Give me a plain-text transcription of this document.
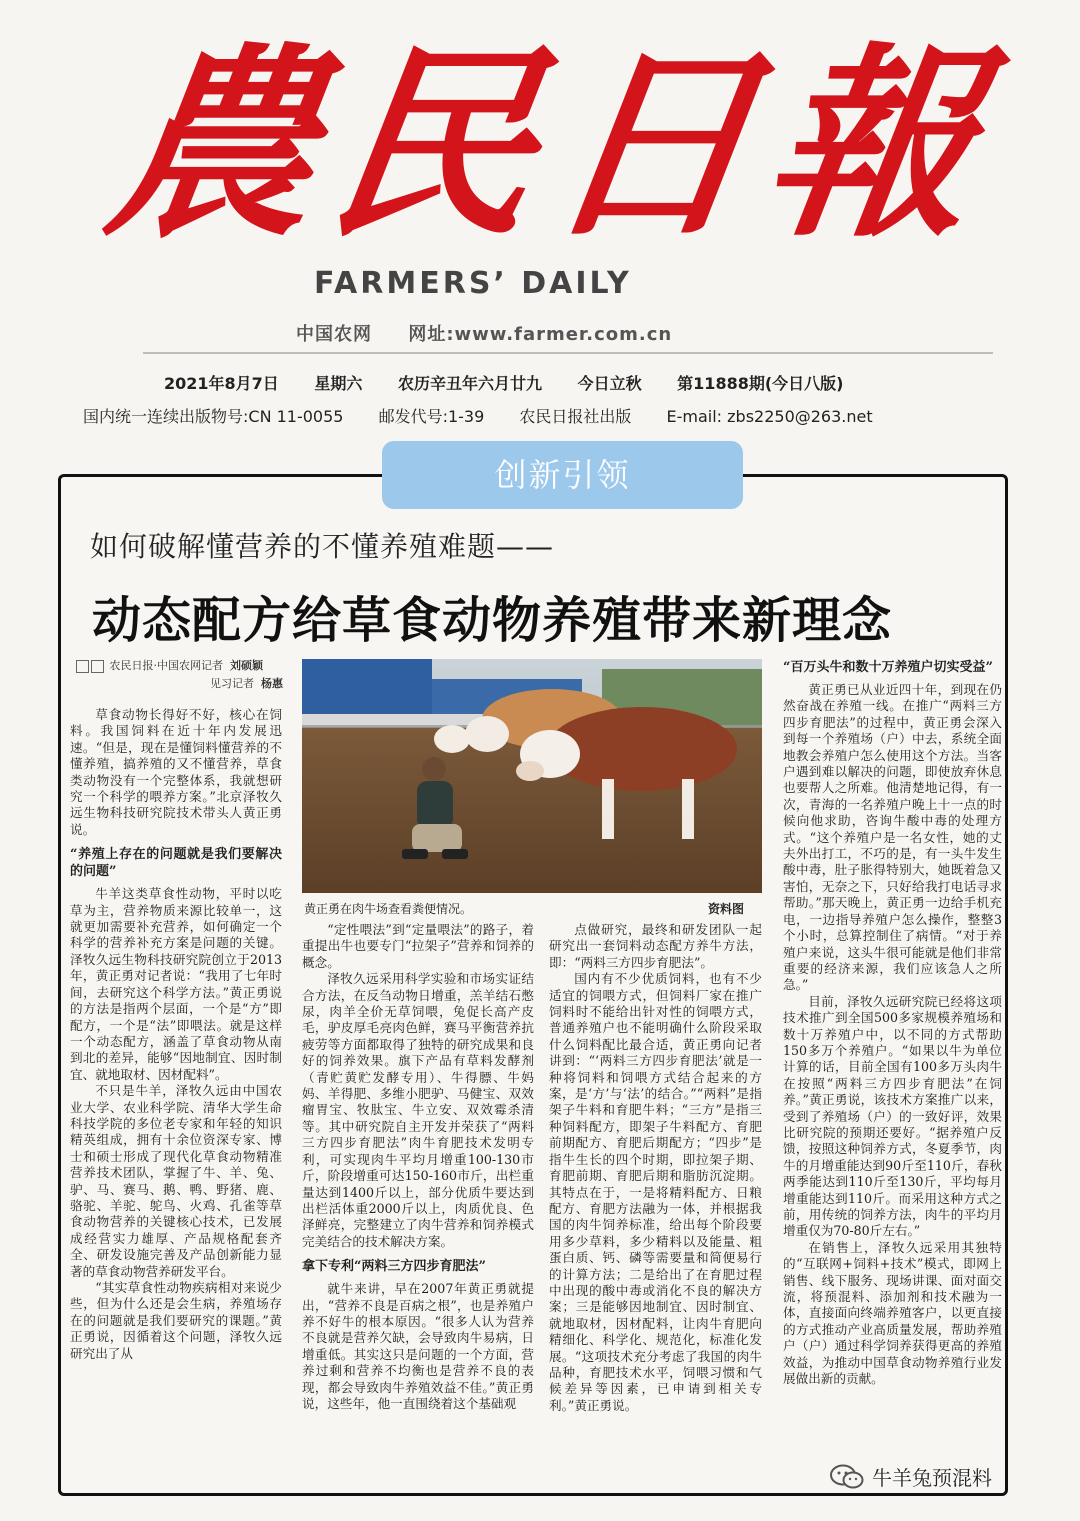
農民日報
FARMERS’ DAILY
中国农网 网址:www.farmer.com.cn
2021年8月7日 星期六 农历辛丑年六月廿九 今日立秋 第11888期(今日八版)
国内统一连续出版物号:CN 11-0055 邮发代号:1-39 农民日报社出版 E-mail: zbs2250@263.net
创新引领
如何破解懂营养的不懂养殖难题——
动态配方给草食动物养殖带来新理念
农民日报·中国农网记者 刘硕颖
见习记者 杨惠
黄正勇在肉牛场查看粪便情况。	资料图

草食动物长得好不好，核心在饲料。我国饲料在近十年内发展迅速。“但是，现在是懂饲料懂营养的不懂养殖，搞养殖的又不懂营养，草食类动物没有一个完整体系，我就想研究一个科学的喂养方案。”北京泽牧久远生物科技研究院技术带头人黄正勇说。

“养殖上存在的问题就是我们要解决的问题”

牛羊这类草食性动物，平时以吃草为主，营养物质来源比较单一，这就更加需要补充营养，如何确定一个科学的营养补充方案是问题的关键。泽牧久远生物科技研究院创立于2013年，黄正勇对记者说：“我用了七年时间，去研究这个科学方法。”黄正勇说的方法是指两个层面，一个是“方”即配方，一个是“法”即喂法。就是这样一个动态配方，涵盖了草食动物从南到北的差异，能够“因地制宜、因时制宜、就地取材、因材配料”。

不只是牛羊，泽牧久远由中国农业大学、农业科学院、清华大学生命科技学院的多位老专家和年轻的知识精英组成，拥有十余位资深专家、博士和硕士形成了现代化草食动物精准营养技术团队，掌握了牛、羊、兔、驴、马、赛马、鹅、鸭、野猪、鹿、骆驼、羊驼、鸵鸟、火鸡、孔雀等草食动物营养的关键核心技术，已发展成经营实力雄厚、产品规格配套齐全、研发设施完善及产品创新能力显著的草食动物营养研发平台。

“其实草食性动物疾病相对来说少些，但为什么还是会生病，养殖场存在的问题就是我们要研究的课题。”黄正勇说，因循着这个问题，泽牧久远研究出了从

“定性喂法”到“定量喂法”的路子，着重提出牛也要专门“拉架子”营养和饲养的概念。

泽牧久远采用科学实验和市场实证结合方法，在反刍动物日增重，羔羊结石憋尿，肉羊全价无草饲喂，兔促长高产皮毛，驴皮厚毛亮肉色鲜，赛马平衡营养抗疲劳等方面都取得了独特的研究成果和良好的饲养效果。旗下产品有草料发酵剂（青贮黄贮发酵专用）、牛得膘、牛妈妈、羊得肥、多维小肥驴、马健宝、双效瘤胃宝、牧肽宝、牛立安、双效霉杀清等。其中研究院自主开发并荣获了“两料三方四步育肥法”肉牛育肥技术发明专利，可实现肉牛平均月增重100-130市斤，阶段增重可达150-160市斤，出栏重量达到1400斤以上，部分优质牛要达到出栏活体重2000斤以上，肉质优良、色泽鲜亮，完整建立了肉牛营养和饲养模式完美结合的技术解决方案。

拿下专利“两料三方四步育肥法”

就牛来讲，早在2007年黄正勇就提出，“营养不良是百病之根”，也是养殖户养不好牛的根本原因。“很多人认为营养不良就是营养欠缺，会导致肉牛易病，日增重低。其实这只是问题的一个方面，营养过剩和营养不均衡也是营养不良的表现，都会导致肉牛养殖效益不佳。”黄正勇说，这些年，他一直围绕着这个基础观

点做研究，最终和研发团队一起研究出一套饲料动态配方养牛方法，即：“两料三方四步育肥法”。

国内有不少优质饲料，也有不少适宜的饲喂方式，但饲料厂家在推广饲料时不能给出针对性的饲喂方式，普通养殖户也不能明确什么阶段采取什么饲料配比最合适，黄正勇向记者讲到：“‘两料三方四步育肥法’就是一种将饲料和饲喂方式结合起来的方案，是‘方’与‘法’的结合。”“两料”是指架子牛料和育肥牛料；“三方”是指三种饲料配方，即架子牛料配方、育肥前期配方、育肥后期配方；“四步”是指牛生长的四个时期，即拉架子期、育肥前期、育肥后期和脂肪沉淀期。其特点在于，一是将精料配方、日粮配方、育肥方法融为一体，并根据我国的肉牛饲养标准，给出每个阶段要用多少草料，多少精料以及能量、粗蛋白质、钙、磷等需要量和简便易行的计算方法；二是给出了在育肥过程中出现的酸中毒或消化不良的解决方案；三是能够因地制宜、因时制宜、就地取材，因材配料，让肉牛育肥向精细化、科学化、规范化，标准化发展。“这项技术充分考虑了我国的肉牛品种，育肥技术水平，饲喂习惯和气候差异等因素，已申请到相关专利。”黄正勇说。

“百万头牛和数十万养殖户切实受益”

黄正勇已从业近四十年，到现在仍然奋战在养殖一线。在推广“两料三方四步育肥法”的过程中，黄正勇会深入到每一个养殖场（户）中去，系统全面地教会养殖户怎么使用这个方法。当客户遇到难以解决的问题，即使放弃休息也要帮人之所难。他清楚地记得，有一次，青海的一名养殖户晚上十一点的时候向他求助，咨询牛酸中毒的处理方式。“这个养殖户是一名女性，她的丈夫外出打工，不巧的是，有一头牛发生酸中毒，肚子胀得特别大，她既着急又害怕，无奈之下，只好给我打电话寻求帮助。”那天晚上，黄正勇一边给手机充电，一边指导养殖户怎么操作，整整3个小时，总算控制住了病情。“对于养殖户来说，这头牛很可能就是他们非常重要的经济来源，我们应该急人之所急。”

目前，泽牧久远研究院已经将这项技术推广到全国500多家规模养殖场和数十万养殖户中，以不同的方式帮助150多万个养殖户。“如果以牛为单位计算的话，目前全国有100多万头肉牛在按照“两料三方四步育肥法”在饲养。”黄正勇说，该技术方案推广以来，受到了养殖场（户）的一致好评，效果比研究院的预期还要好。“据养殖户反馈，按照这种饲养方式，冬夏季节，肉牛的月增重能达到90斤至110斤，春秋两季能达到110斤至130斤，平均每月增重能达到110斤。而采用这种方式之前，用传统的饲养方法，肉牛的平均月增重仅为70-80斤左右。”

在销售上，泽牧久远采用其独特的“互联网+饲料+技术”模式，即网上销售、线下服务、现场讲课、面对面交流，将预混料、添加剂和技术融为一体，直接面向终端养殖客户，以更直接的方式推动产业高质量发展，帮助养殖户（户）通过科学饲养获得更高的养殖效益，为推动中国草食动物养殖行业发展做出新的贡献。

牛羊兔预混料
